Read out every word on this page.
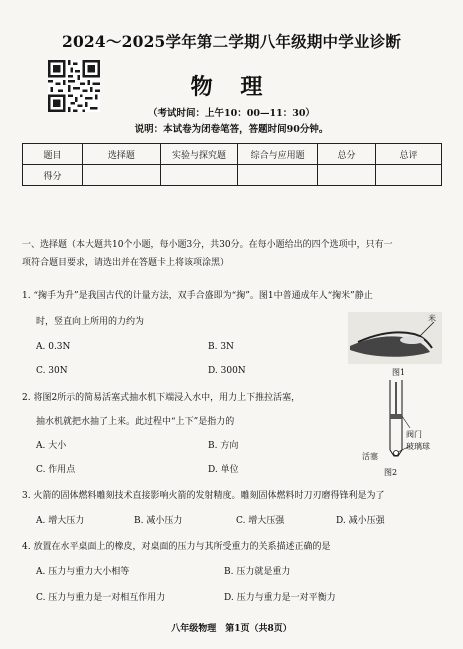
2024～2025学年第二学期八年级期中学业诊断
物 理
（考试时间：上午10：00—11：30）
说明：本试卷为闭卷笔答，答题时间90分钟。
题目	选择题	实验与探究题	综合与应用题	总分	总评
得分					
一、选择题（本大题共10个小题，每小题3分，共30分。在每小题给出的四个选项中，只有一
项符合题目要求，请选出并在答题卡上将该项涂黑）
1. “掬手为升”是我国古代的计量方法，双手合盛即为“掬”。图1中普通成年人“掬米”静止
时，竖直向上所用的力约为
A. 0.3N	B. 3N
C. 30N	D. 300N
米
图1
2. 将图2所示的简易活塞式抽水机下端浸入水中，用力上下推拉活塞，
抽水机就把水抽了上来。此过程中“上下”是指力的
A. 大小	B. 方向
C. 作用点	D. 单位
阀门
玻璃球
活塞
图2
3. 火箭的固体燃料雕刻技术直接影响火箭的发射精度。雕刻固体燃料时刀刃磨得锋利是为了
A. 增大压力	B. 减小压力	C. 增大压强	D. 减小压强
4. 放置在水平桌面上的橡皮，对桌面的压力与其所受重力的关系描述正确的是
A. 压力与重力大小相等	B. 压力就是重力
C. 压力与重力是一对相互作用力	D. 压力与重力是一对平衡力
八年级物理　第1页（共8页）
